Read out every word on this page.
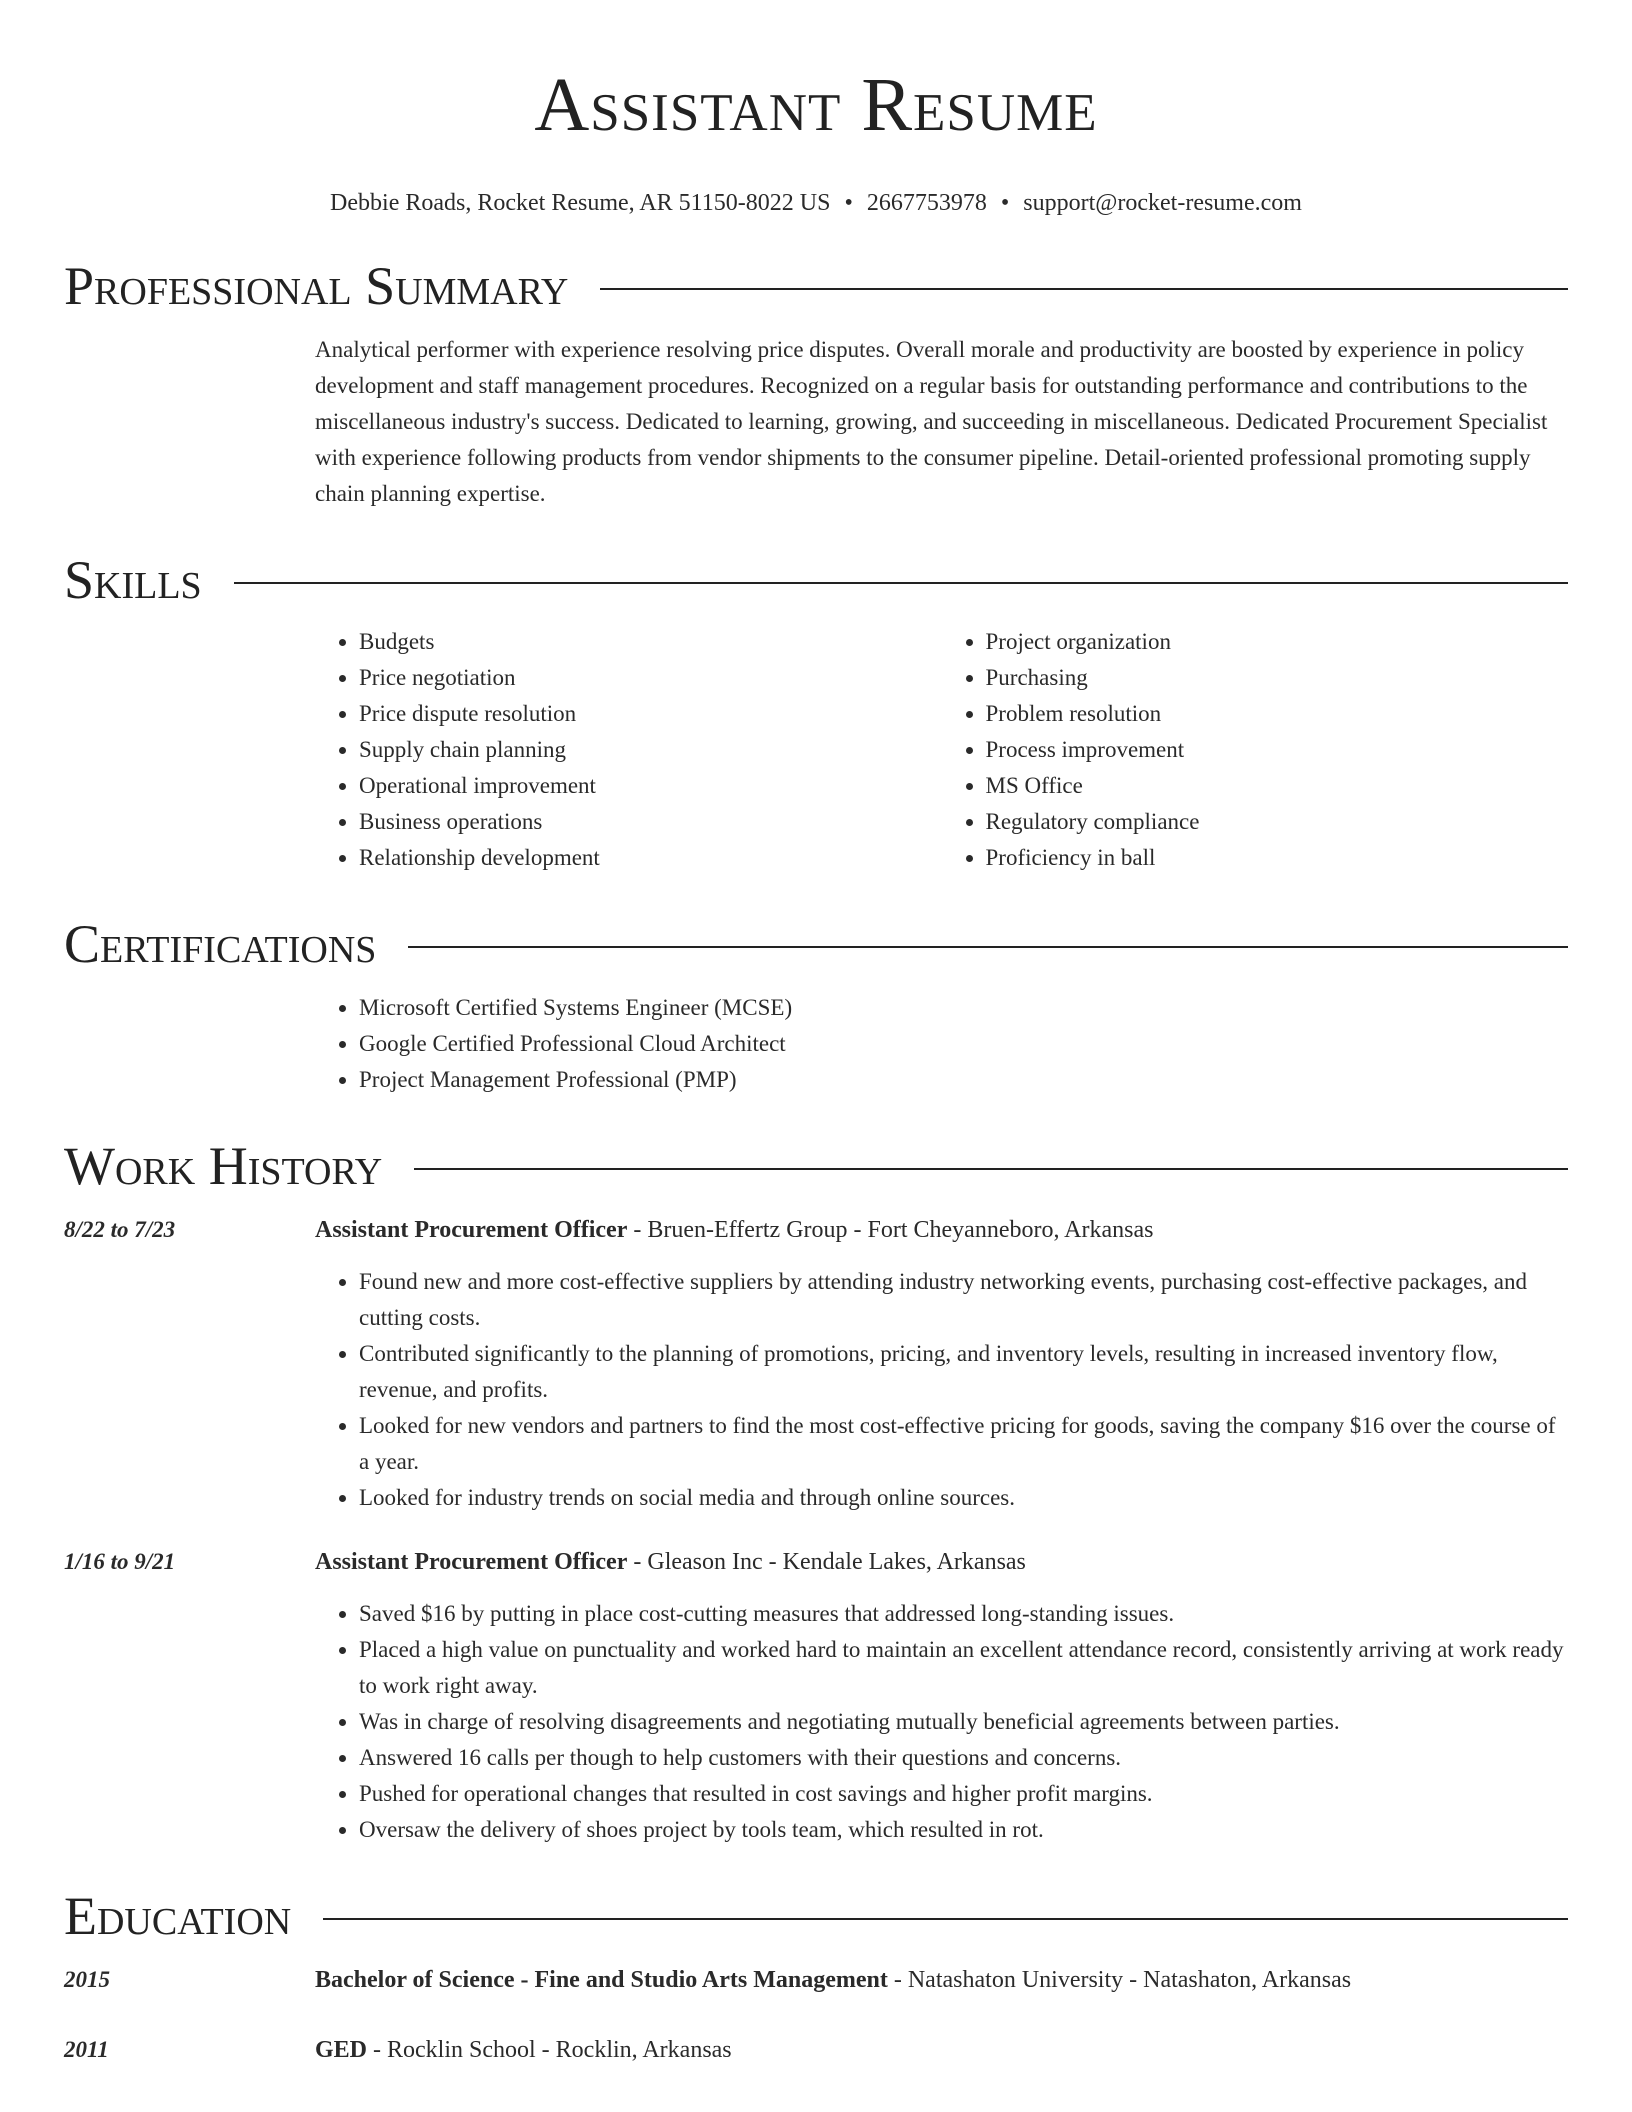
Assistant Resume
Debbie Roads, Rocket Resume, AR 51150-8022 US • 2667753978 • support@rocket-resume.com
Professional Summary
Analytical performer with experience resolving price disputes. Overall morale and productivity are boosted by experience in policy development and staff management procedures. Recognized on a regular basis for outstanding performance and contributions to the miscellaneous industry's success. Dedicated to learning, growing, and succeeding in miscellaneous. Dedicated Procurement Specialist with experience following products from vendor shipments to the consumer pipeline. Detail-oriented professional promoting supply chain planning expertise.
Skills
• Budgets
• Price negotiation
• Price dispute resolution
• Supply chain planning
• Operational improvement
• Business operations
• Relationship development
• Project organization
• Purchasing
• Problem resolution
• Process improvement
• MS Office
• Regulatory compliance
• Proficiency in ball
Certifications
• Microsoft Certified Systems Engineer (MCSE)
• Google Certified Professional Cloud Architect
• Project Management Professional (PMP)
Work History
8/22 to 7/23	Assistant Procurement Officer - Bruen-Effertz Group - Fort Cheyanneboro, Arkansas
• Found new and more cost-effective suppliers by attending industry networking events, purchasing cost-effective packages, and cutting costs.
• Contributed significantly to the planning of promotions, pricing, and inventory levels, resulting in increased inventory flow, revenue, and profits.
• Looked for new vendors and partners to find the most cost-effective pricing for goods, saving the company $16 over the course of a year.
• Looked for industry trends on social media and through online sources.
1/16 to 9/21	Assistant Procurement Officer - Gleason Inc - Kendale Lakes, Arkansas
• Saved $16 by putting in place cost-cutting measures that addressed long-standing issues.
• Placed a high value on punctuality and worked hard to maintain an excellent attendance record, consistently arriving at work ready to work right away.
• Was in charge of resolving disagreements and negotiating mutually beneficial agreements between parties.
• Answered 16 calls per though to help customers with their questions and concerns.
• Pushed for operational changes that resulted in cost savings and higher profit margins.
• Oversaw the delivery of shoes project by tools team, which resulted in rot.
Education
2015	Bachelor of Science - Fine and Studio Arts Management - Natashaton University - Natashaton, Arkansas
2011	GED - Rocklin School - Rocklin, Arkansas
